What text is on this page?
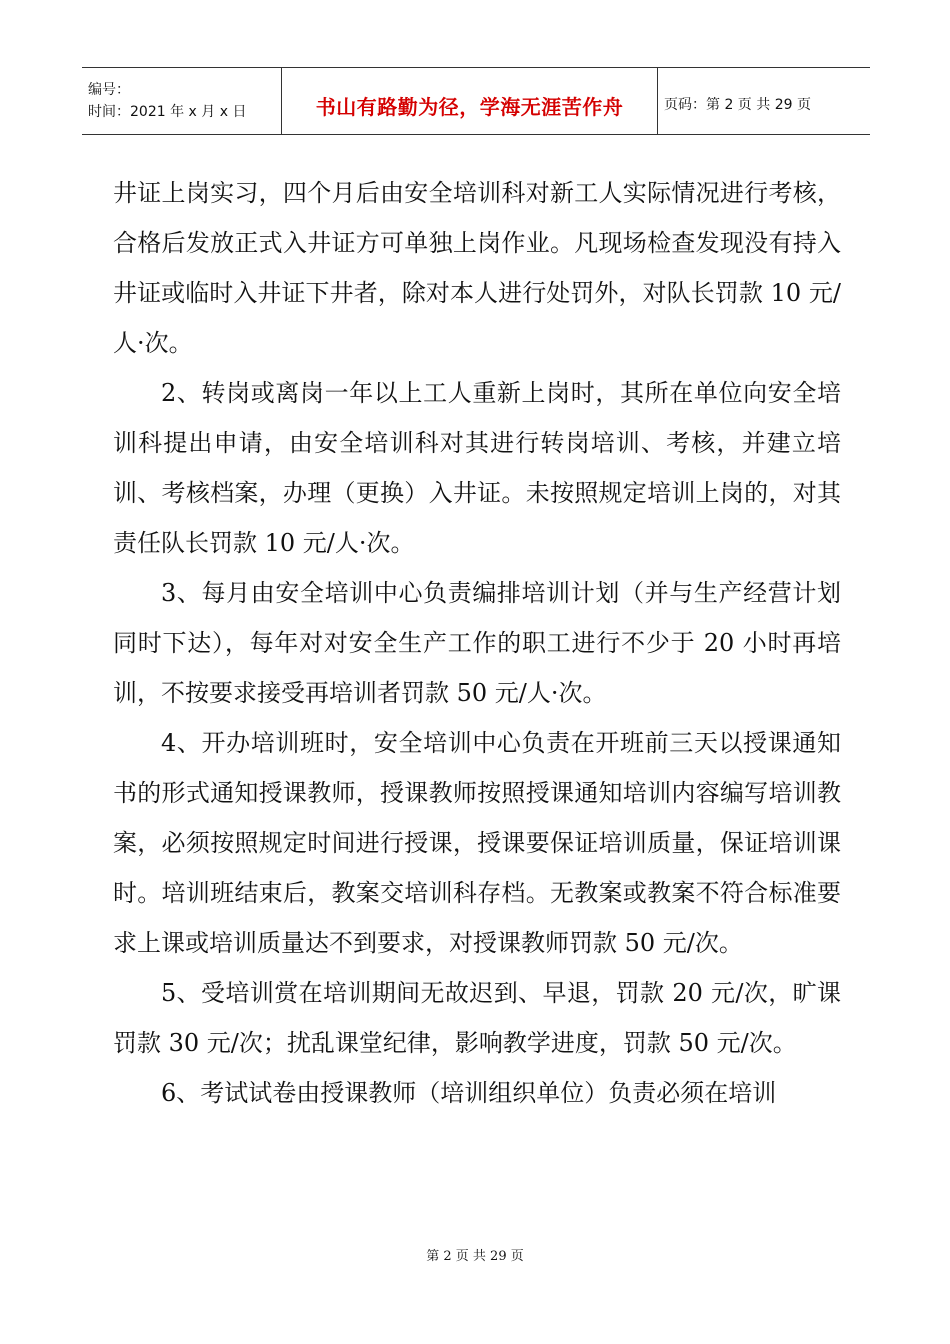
编号：
时间：2021 年 x 月 x 日	书山有路勤为径，学海无涯苦作舟	页码：第 2 页 共 29 页

井证上岗实习，四个月后由安全培训科对新工人实际情况进行考核，合格后发放正式入井证方可单独上岗作业。凡现场检查发现没有持入井证或临时入井证下井者，除对本人进行处罚外，对队长罚款 10 元/人·次。

2、转岗或离岗一年以上工人重新上岗时，其所在单位向安全培训科提出申请，由安全培训科对其进行转岗培训、考核，并建立培训、考核档案，办理（更换）入井证。未按照规定培训上岗的，对其责任队长罚款 10 元/人·次。

3、每月由安全培训中心负责编排培训计划（并与生产经营计划同时下达），每年对对安全生产工作的职工进行不少于 20 小时再培训，不按要求接受再培训者罚款 50 元/人·次。

4、开办培训班时，安全培训中心负责在开班前三天以授课通知书的形式通知授课教师，授课教师按照授课通知培训内容编写培训教案，必须按照规定时间进行授课，授课要保证培训质量，保证培训课时。培训班结束后，教案交培训科存档。无教案或教案不符合标准要求上课或培训质量达不到要求，对授课教师罚款 50 元/次。

5、受培训赏在培训期间无故迟到、早退，罚款 20 元/次，旷课罚款 30 元/次；扰乱课堂纪律，影响教学进度，罚款 50 元/次。

6、考试试卷由授课教师（培训组织单位）负责必须在培训

第 2 页 共 29 页
